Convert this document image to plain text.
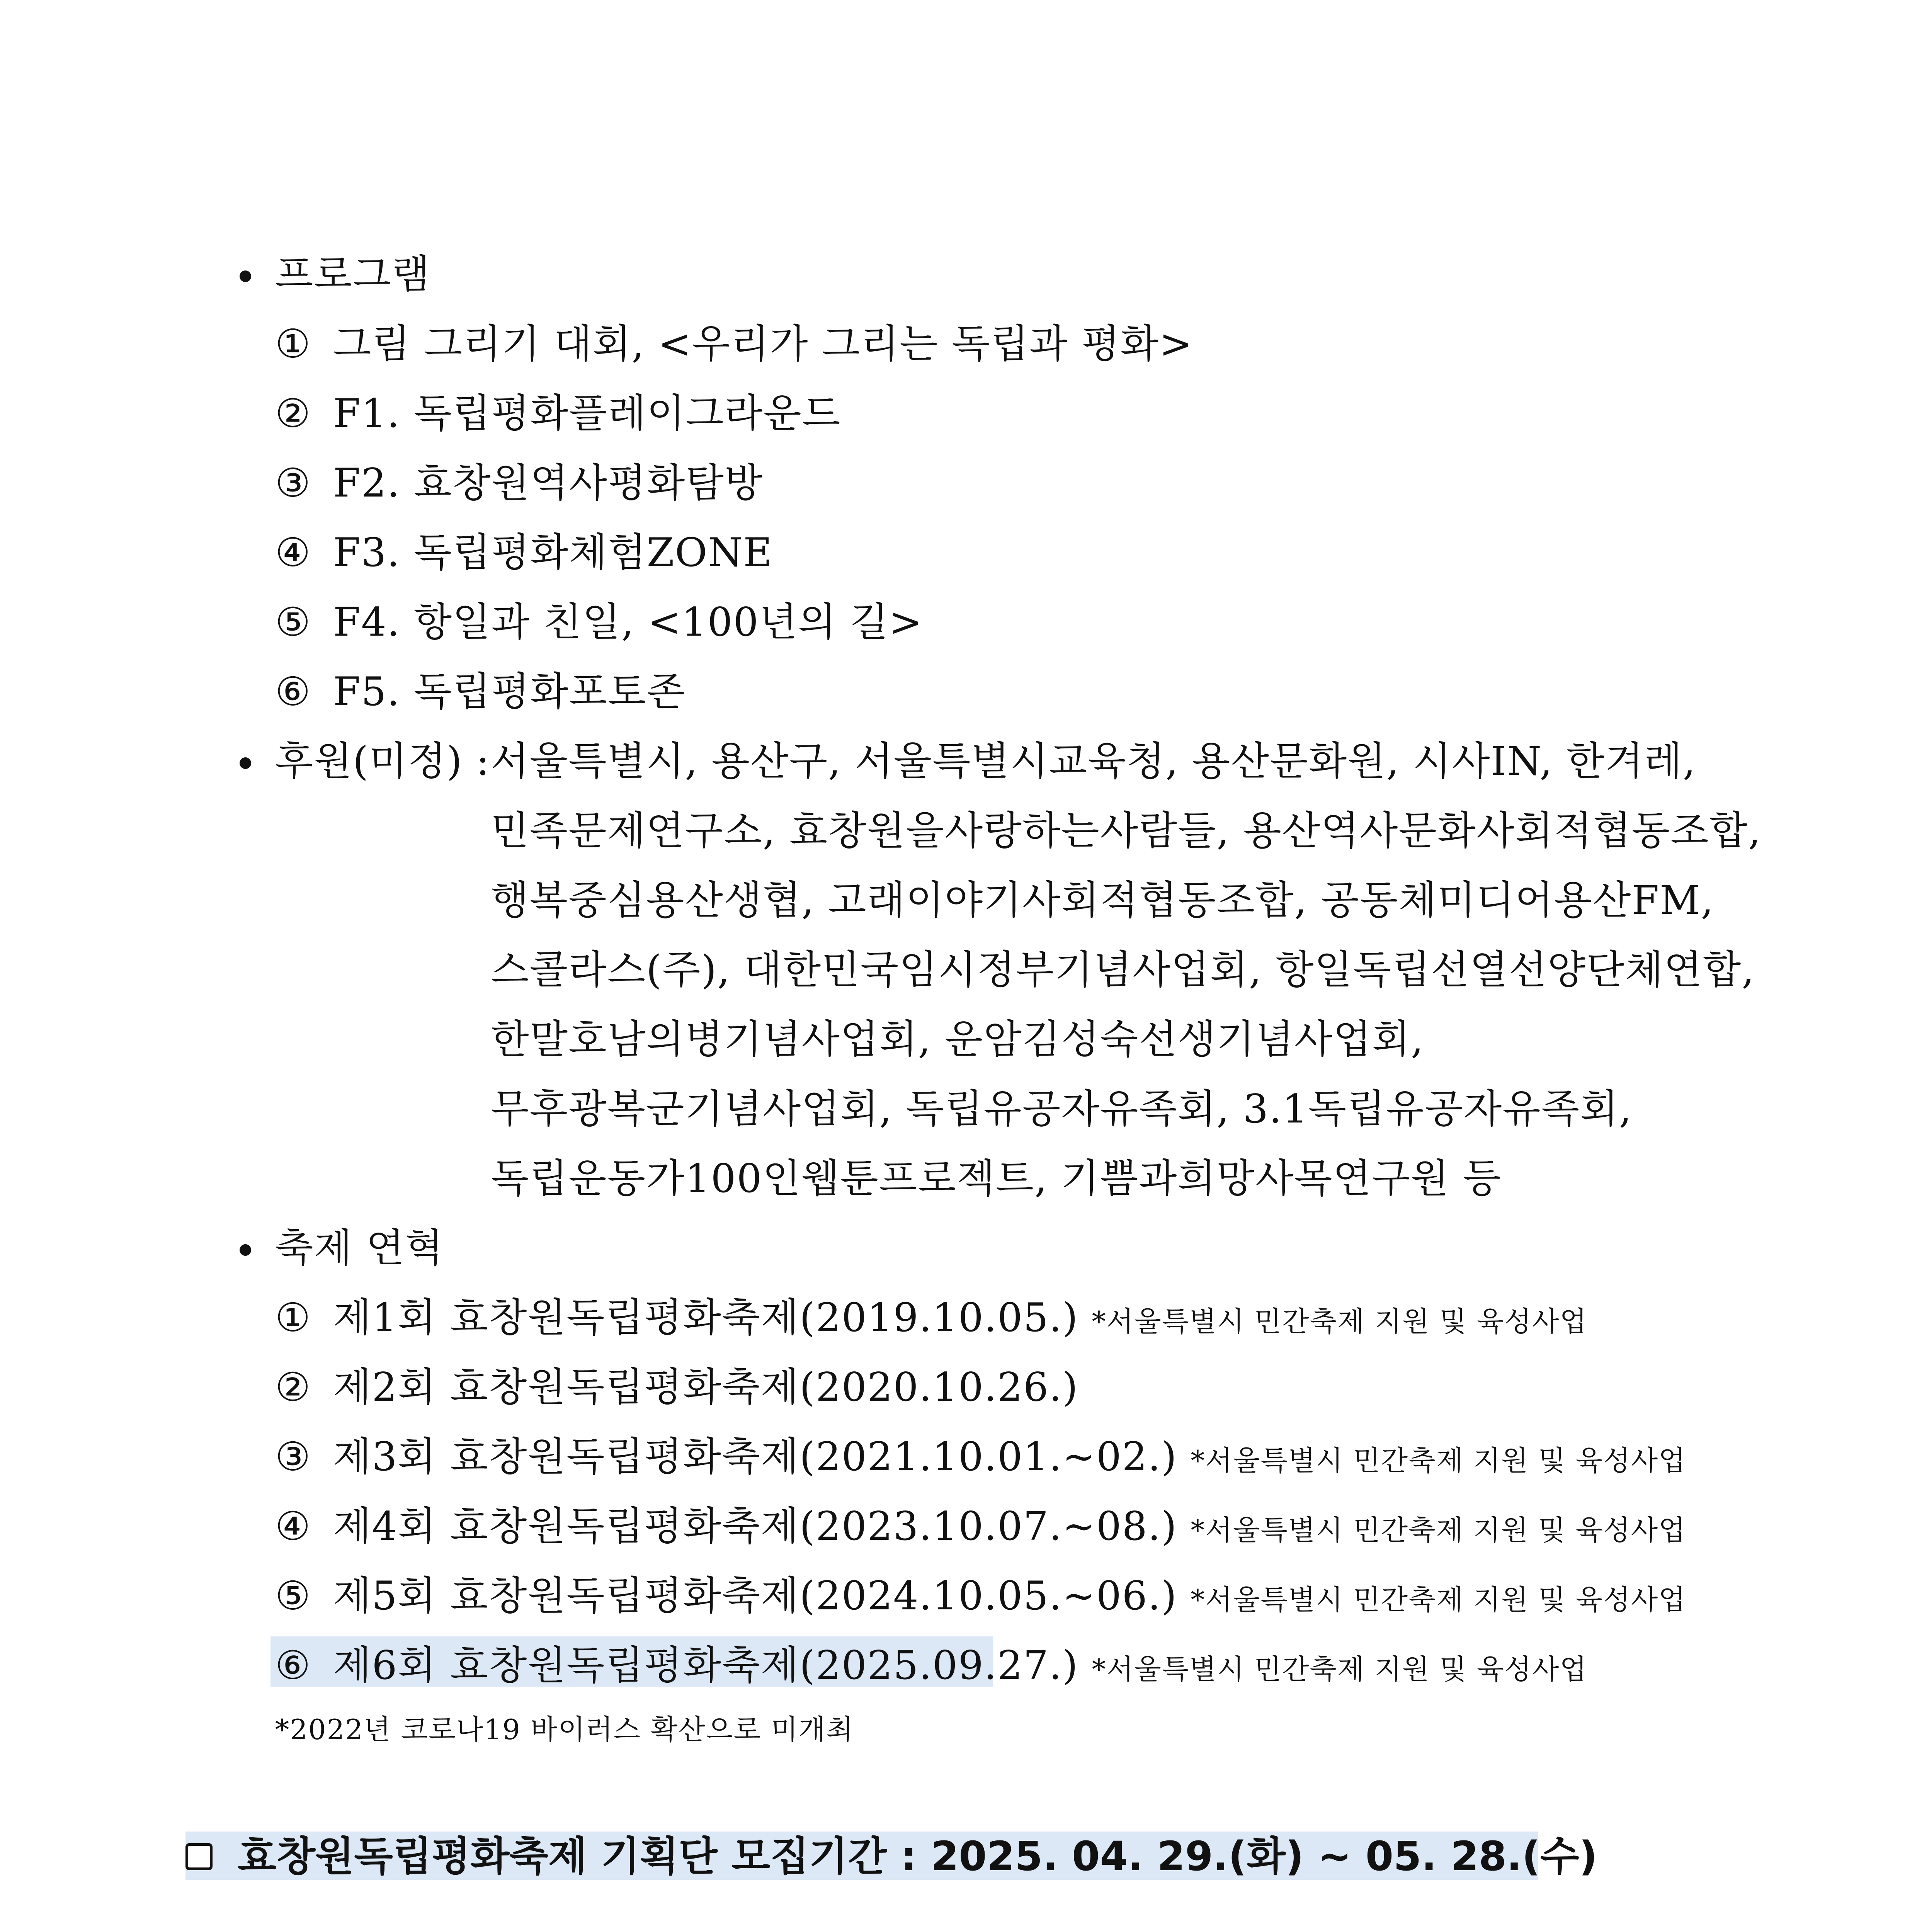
프로그램
① 그림 그리기 대회, <우리가 그리는 독립과 평화>
② F1. 독립평화플레이그라운드
③ F2. 효창원역사평화탐방
④ F3. 독립평화체험ZONE
⑤ F4. 항일과 친일, <100년의 길>
⑥ F5. 독립평화포토존
후원(미정) : 서울특별시, 용산구, 서울특별시교육청, 용산문화원, 시사IN, 한겨레,
민족문제연구소, 효창원을사랑하는사람들, 용산역사문화사회적협동조합,
행복중심용산생협, 고래이야기사회적협동조합, 공동체미디어용산FM,
스콜라스(주), 대한민국임시정부기념사업회, 항일독립선열선양단체연합,
한말호남의병기념사업회, 운암김성숙선생기념사업회,
무후광복군기념사업회, 독립유공자유족회, 3.1독립유공자유족회,
독립운동가100인웹툰프로젝트, 기쁨과희망사목연구원 등
축제 연혁
① 제1회 효창원독립평화축제(2019.10.05.) *서울특별시 민간축제 지원 및 육성사업
② 제2회 효창원독립평화축제(2020.10.26.)
③ 제3회 효창원독립평화축제(2021.10.01.~02.) *서울특별시 민간축제 지원 및 육성사업
④ 제4회 효창원독립평화축제(2023.10.07.~08.) *서울특별시 민간축제 지원 및 육성사업
⑤ 제5회 효창원독립평화축제(2024.10.05.~06.) *서울특별시 민간축제 지원 및 육성사업
⑥ 제6회 효창원독립평화축제(2025.09.27.) *서울특별시 민간축제 지원 및 육성사업
*2022년 코로나19 바이러스 확산으로 미개최
효창원독립평화축제 기획단 모집기간 : 2025. 04. 29.(화) ~ 05. 28.(수)
